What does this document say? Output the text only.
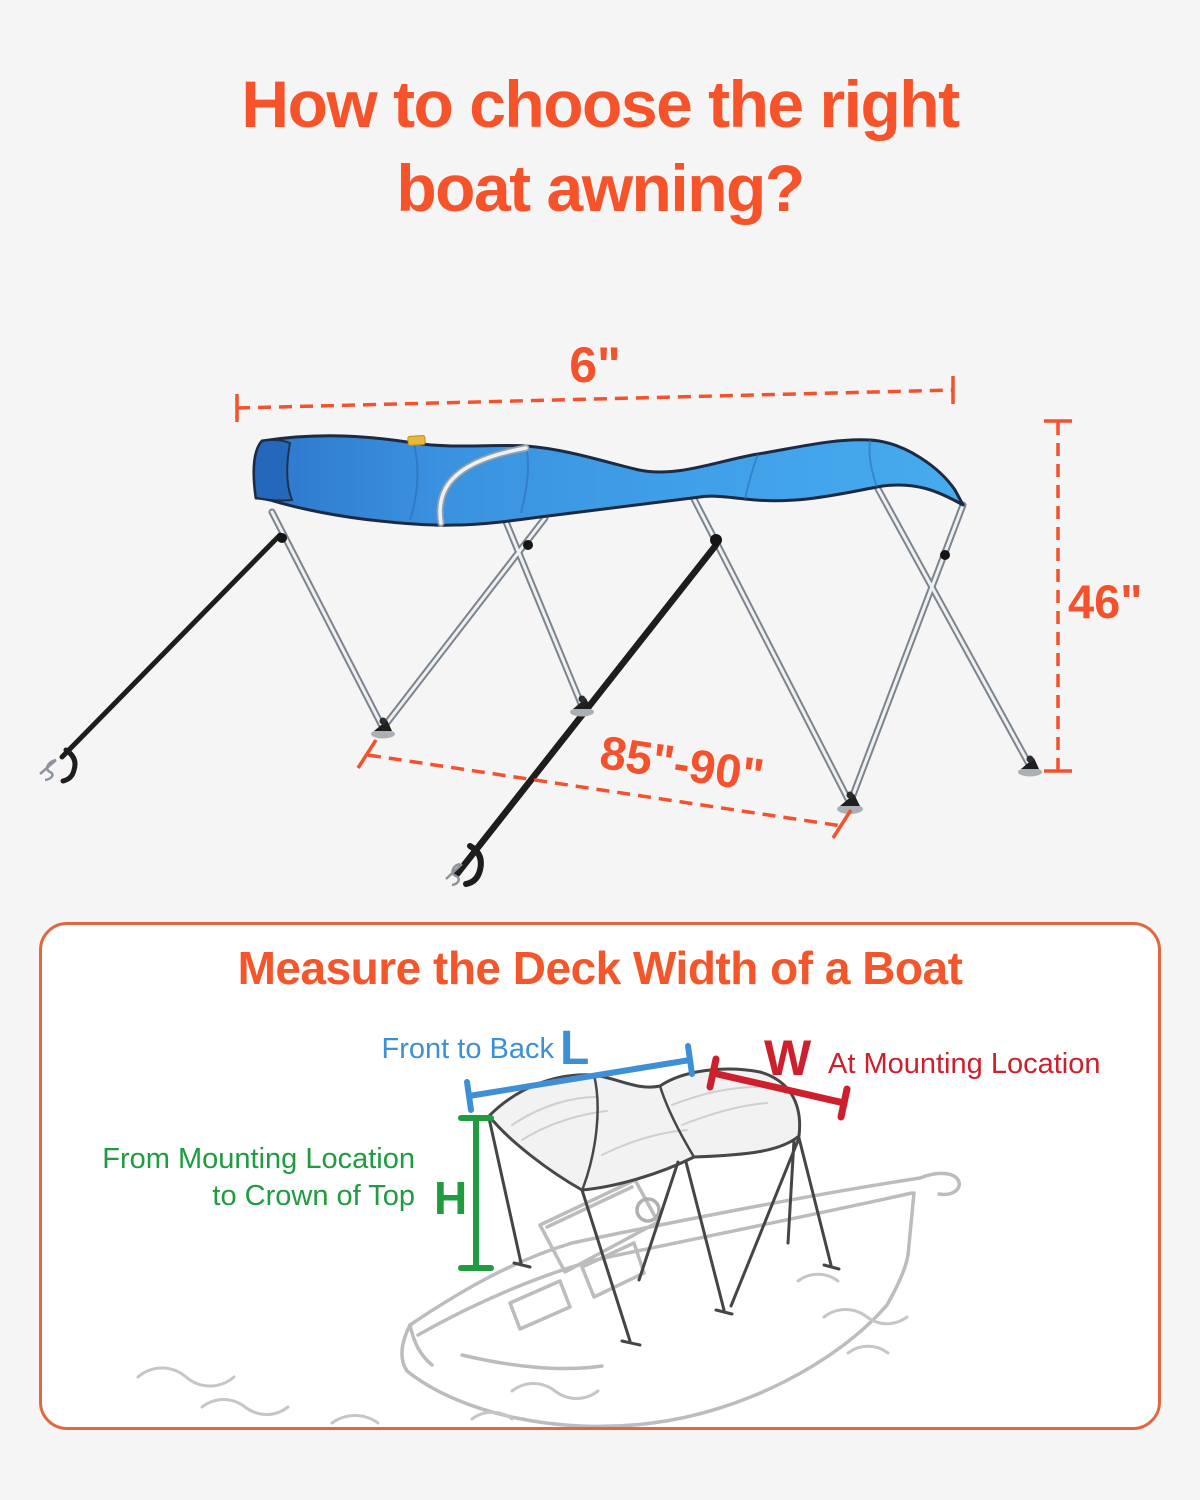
How to choose the right
boat awning?
6"
46"
85"-90"
Measure the Deck Width of a Boat
Front to Back L	W At Mounting Location
From Mounting Location
to Crown of Top H
